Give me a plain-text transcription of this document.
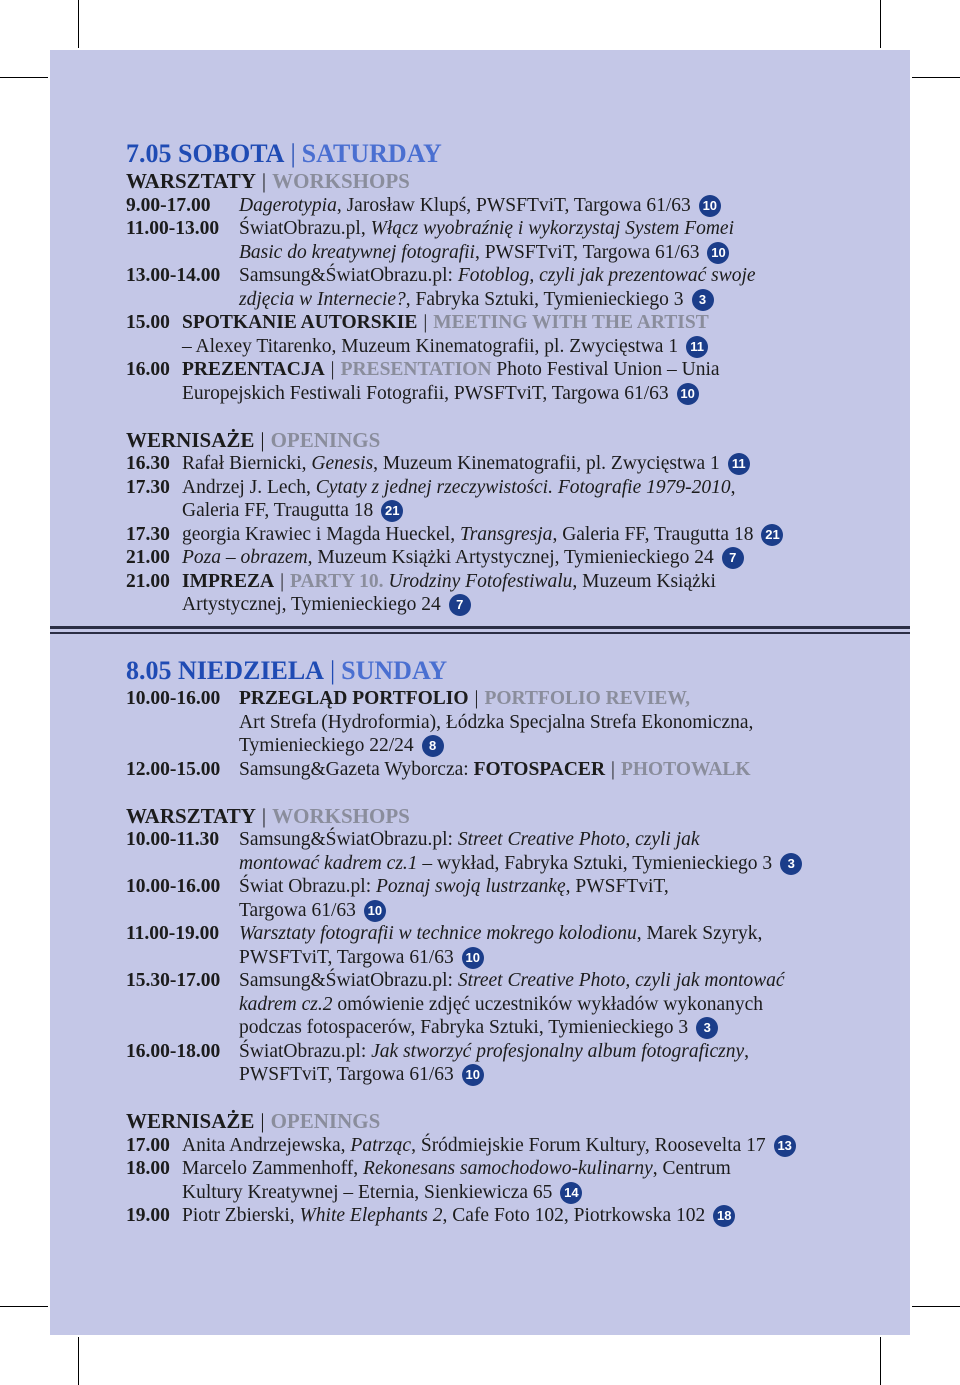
7.05 SOBOTA | SATURDAY
WARSZTATY | WORKSHOPS
9.00-17.00	Dagerotypia, Jarosław Klupś, PWSFTviT, Targowa 61/63 10
11.00-13.00	ŚwiatObrazu.pl, Włącz wyobraźnię i wykorzystaj System Fomei
Basic do kreatywnej fotografii, PWSFTviT, Targowa 61/63 10
13.00-14.00 Samsung&ŚwiatObrazu.pl: Fotoblog, czyli jak prezentować swoje
zdjęcia w Internecie?, Fabryka Sztuki, Tymienieckiego 3 3
15.00 SPOTKANIE AUTORSKIE | MEETING WITH THE ARTIST
– Alexey Titarenko, Muzeum Kinematografii, pl. Zwycięstwa 1 11
16.00 PREZENTACJA | PRESENTATION Photo Festival Union – Unia
Europejskich Festiwali Fotografii, PWSFTviT, Targowa 61/63 10
WERNISAŻE | OPENINGS
16.30 Rafał Biernicki, Genesis, Muzeum Kinematografii, pl. Zwycięstwa 1 11
17.30 Andrzej J. Lech, Cytaty z jednej rzeczywistości. Fotografie 1979-2010,
Galeria FF, Traugutta 18 21
17.30 georgia Krawiec i Magda Hueckel, Transgresja, Galeria FF, Traugutta 18 21
21.00 Poza – obrazem, Muzeum Książki Artystycznej, Tymienieckiego 24 7
21.00 IMPREZA | PARTY 10. Urodziny Fotofestiwalu, Muzeum Książki
Artystycznej, Tymienieckiego 24 7
8.05 NIEDZIELA | SUNDAY
10.00-16.00 PRZEGLĄD PORTFOLIO | PORTFOLIO REVIEW,
Art Strefa (Hydroformia), Łódzka Specjalna Strefa Ekonomiczna,
Tymienieckiego 22/24 8
12.00-15.00 Samsung&Gazeta Wyborcza: FOTOSPACER | PHOTOWALK
WARSZTATY | WORKSHOPS
10.00-11.30	Samsung&ŚwiatObrazu.pl: Street Creative Photo, czyli jak
montować kadrem cz.1 – wykład, Fabryka Sztuki, Tymienieckiego 3 3
10.00-16.00 Świat Obrazu.pl: Poznaj swoją lustrzankę, PWSFTviT,
Targowa 61/63 10
11.00-19.00	Warsztaty fotografii w technice mokrego kolodionu, Marek Szyryk,
PWSFTviT, Targowa 61/63 10
15.30-17.00 Samsung&ŚwiatObrazu.pl: Street Creative Photo, czyli jak montować
kadrem cz.2 omówienie zdjęć uczestników wykładów wykonanych
podczas fotospacerów, Fabryka Sztuki, Tymienieckiego 3 3
16.00-18.00 ŚwiatObrazu.pl: Jak stworzyć profesjonalny album fotograficzny,
PWSFTviT, Targowa 61/63 10
WERNISAŻE | OPENINGS
17.00 Anita Andrzejewska, Patrząc, Śródmiejskie Forum Kultury, Roosevelta 17 13
18.00 Marcelo Zammenhoff, Rekonesans samochodowo-kulinarny, Centrum
Kultury Kreatywnej – Eternia, Sienkiewicza 65 14
19.00 Piotr Zbierski, White Elephants 2, Cafe Foto 102, Piotrkowska 102 18
